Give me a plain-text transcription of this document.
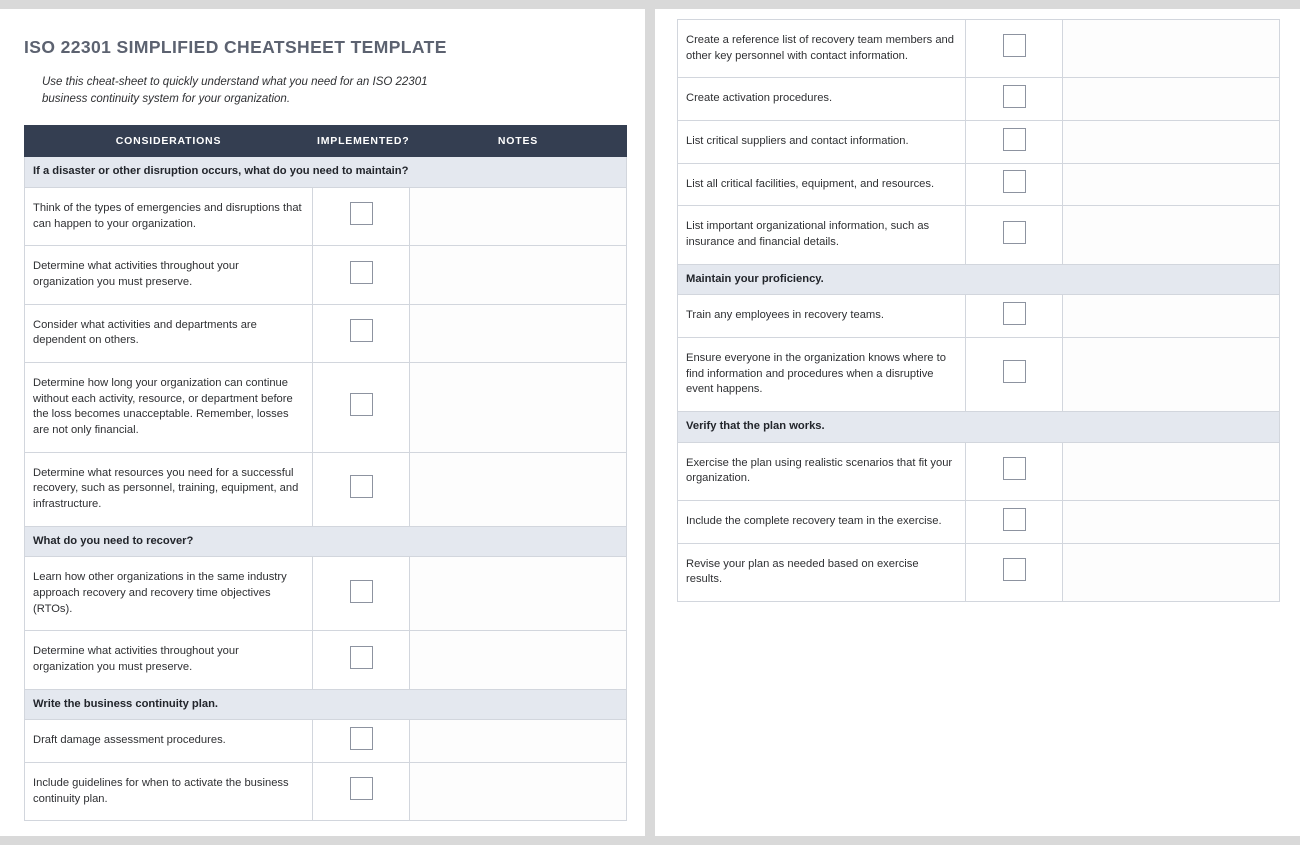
ISO 22301 SIMPLIFIED CHEATSHEET TEMPLATE
Use this cheat-sheet to quickly understand what you need for an ISO 22301 business continuity system for your organization.
CONSIDERATIONS	IMPLEMENTED?	NOTES
If a disaster or other disruption occurs, what do you need to maintain?		
Think of the types of emergencies and disruptions that can happen to your organization.		
Determine what activities throughout your organization you must preserve.		
Consider what activities and departments are dependent on others.		
Determine how long your organization can continue without each activity, resource, or department before the loss becomes unacceptable. Remember, losses are not only financial.		
Determine what resources you need for a successful recovery, such as personnel, training, equipment, and infrastructure.		
What do you need to recover?		
Learn how other organizations in the same industry approach recovery and recovery time objectives (RTOs).		
Determine what activities throughout your organization you must preserve.		
Write the business continuity plan.		
Draft damage assessment procedures.		
Include guidelines for when to activate the business continuity plan.		
Create a reference list of recovery team members and other key personnel with contact information.		
Create activation procedures.		
List critical suppliers and contact information.		
List all critical facilities, equipment, and resources.		
List important organizational information, such as insurance and financial details.		
Maintain your proficiency.		
Train any employees in recovery teams.		
Ensure everyone in the organization knows where to find information and procedures when a disruptive event happens.		
Verify that the plan works.		
Exercise the plan using realistic scenarios that fit your organization.		
Include the complete recovery team in the exercise.		
Revise your plan as needed based on exercise results.		
